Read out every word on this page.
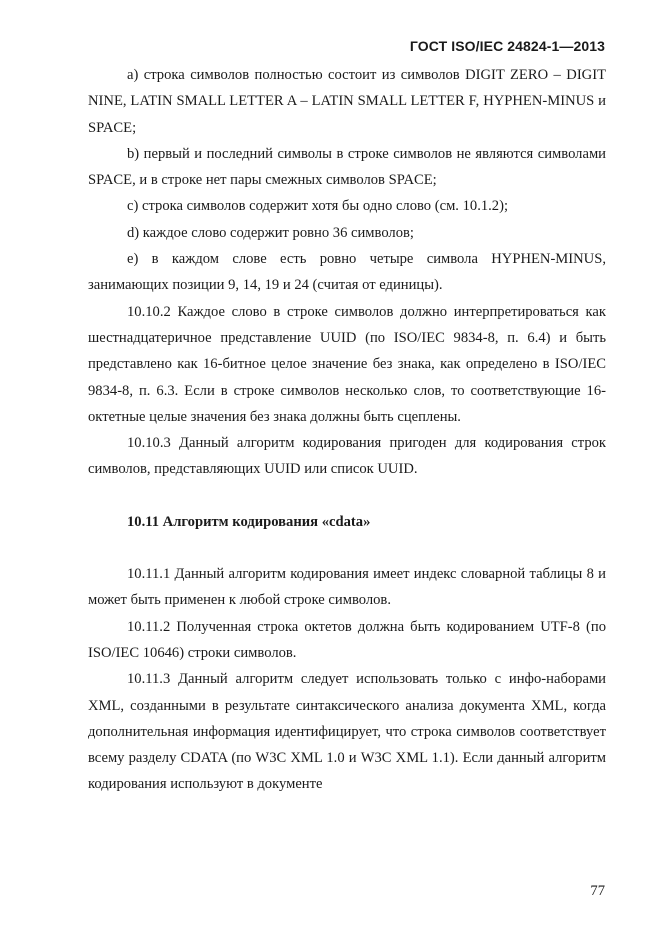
ГОСТ ISO/IEC 24824-1—2013

а) строка символов полностью состоит из символов DIGIT ZERO – DIGIT NINE, LATIN SMALL LETTER A – LATIN SMALL LETTER F, HYPHEN-MINUS и SPACE;

b) первый и последний символы в строке символов не являются символами SPACE, и в строке нет пары смежных символов SPACE;

c) строка символов содержит хотя бы одно слово (см. 10.1.2);

d) каждое слово содержит ровно 36 символов;

e) в каждом слове есть ровно четыре символа HYPHEN-MINUS, занимающих позиции 9, 14, 19 и 24 (считая от единицы).

10.10.2 Каждое слово в строке символов должно интерпретироваться как шестнадцатеричное представление UUID (по ISO/IEC 9834-8, п. 6.4) и быть представлено как 16-битное целое значение без знака, как определено в ISO/IEC 9834-8, п. 6.3. Если в строке символов несколько слов, то соответствующие 16-октетные целые значения без знака должны быть сцеплены.

10.10.3 Данный алгоритм кодирования пригоден для кодирования строк символов, представляющих UUID или список UUID.

10.11 Алгоритм кодирования «cdata»

10.11.1 Данный алгоритм кодирования имеет индекс словарной таблицы 8 и может быть применен к любой строке символов.

10.11.2 Полученная строка октетов должна быть кодированием UTF-8 (по ISO/IEC 10646) строки символов.

10.11.3 Данный алгоритм следует использовать только с инфо-наборами XML, созданными в результате синтаксического анализа документа XML, когда дополнительная информация идентифицирует, что строка символов соответствует всему разделу CDATA (по W3C XML 1.0 и W3C XML 1.1). Если данный алгоритм кодирования используют в документе

77
